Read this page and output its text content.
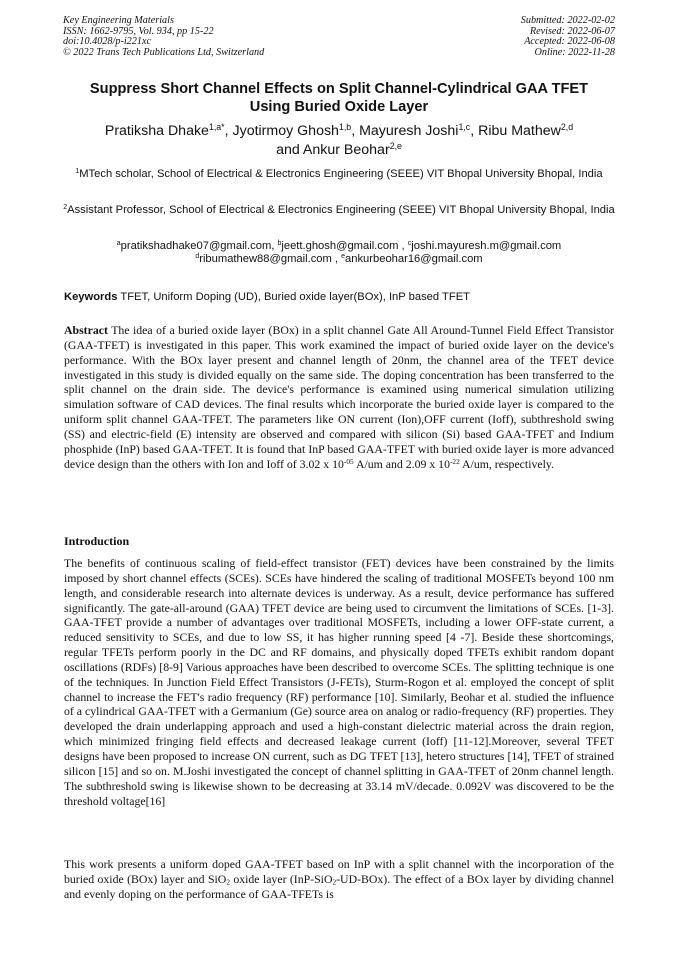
Key Engineering Materials
ISSN: 1662-9795, Vol. 934, pp 15-22
doi:10.4028/p-i221xc
© 2022 Trans Tech Publications Ltd, Switzerland
Submitted: 2022-02-02
Revised: 2022-06-07
Accepted: 2022-06-08
Online: 2022-11-28
Suppress Short Channel Effects on Split Channel-Cylindrical GAA TFET
Using Buried Oxide Layer
Pratiksha Dhake$^{1,a*}$, Jyotirmoy Ghosh$^{1,b}$, Mayuresh Joshi$^{1,c}$, Ribu Mathew$^{2,d}$
and Ankur Beohar$^{2,e}$
$^1$MTech scholar, School of Electrical & Electronics Engineering (SEEE) VIT Bhopal University Bhopal, India
$^2$Assistant Professor, School of Electrical & Electronics Engineering (SEEE) VIT Bhopal University Bhopal, India
$^a$pratikshadhake07@gmail.com, $^b$jeett.ghosh@gmail.com , $^c$joshi.mayuresh.m@gmail.com
$^d$ribumathew88@gmail.com , $^e$ankurbeohar16@gmail.com
Keywords TFET, Uniform Doping (UD), Buried oxide layer(BOx), InP based TFET
Abstract The idea of a buried oxide layer (BOx) in a split channel Gate All Around-Tunnel Field Effect Transistor (GAA-TFET) is investigated in this paper. This work examined the impact of buried oxide layer on the device's performance. With the BOx layer present and channel length of 20nm, the channel area of the TFET device investigated in this study is divided equally on the same side. The doping concentration has been transferred to the split channel on the drain side. The device's performance is examined using numerical simulation utilizing simulation software of CAD devices. The final results which incorporate the buried oxide layer is compared to the uniform split channel GAA-TFET. The parameters like ON current (Ion),OFF current (Ioff), subthreshold swing (SS) and electric-field (E) intensity are observed and compared with silicon (Si) based GAA-TFET and Indium phosphide (InP) based GAA-TFET. It is found that InP based GAA-TFET with buried oxide layer is more advanced device design than the others with Ion and Ioff of 3.02 x $10^{-05}$ A/um and 2.09 x $10^{-22}$ A/um, respectively.
Introduction
The benefits of continuous scaling of field-effect transistor (FET) devices have been constrained by the limits imposed by short channel effects (SCEs). SCEs have hindered the scaling of traditional MOSFETs beyond 100 nm length, and considerable research into alternate devices is underway. As a result, device performance has suffered significantly. The gate-all-around (GAA) TFET device are being used to circumvent the limitations of SCEs. [1-3]. GAA-TFET provide a number of advantages over traditional MOSFETs, including a lower OFF-state current, a reduced sensitivity to SCEs, and due to low SS, it has higher running speed [4 -7]. Beside these shortcomings, regular TFETs perform poorly in the DC and RF domains, and physically doped TFETs exhibit random dopant oscillations (RDFs) [8-9] Various approaches have been described to overcome SCEs. The splitting technique is one of the techniques. In Junction Field Effect Transistors (J-FETs), Sturm-Rogon et al. employed the concept of split channel to increase the FET's radio frequency (RF) performance [10]. Similarly, Beohar et al. studied the influence of a cylindrical GAA-TFET with a Germanium (Ge) source area on analog or radio-frequency (RF) properties. They developed the drain underlapping approach and used a high-constant dielectric material across the drain region, which minimized fringing field effects and decreased leakage current (Ioff) [11-12].Moreover, several TFET designs have been proposed to increase ON current, such as DG TFET [13], hetero structures [14], TFET of strained silicon [15] and so on. M.Joshi investigated the concept of channel splitting in GAA-TFET of 20nm channel length. The subthreshold swing is likewise shown to be decreasing at 33.14 mV/decade. 0.092V was discovered to be the threshold voltage[16]
This work presents a uniform doped GAA-TFET based on InP with a split channel with the incorporation of the buried oxide (BOx) layer and SiO$_2$ oxide layer (InP-SiO$_2$-UD-BOx). The effect of a BOx layer by dividing channel and evenly doping on the performance of GAA-TFETs is
